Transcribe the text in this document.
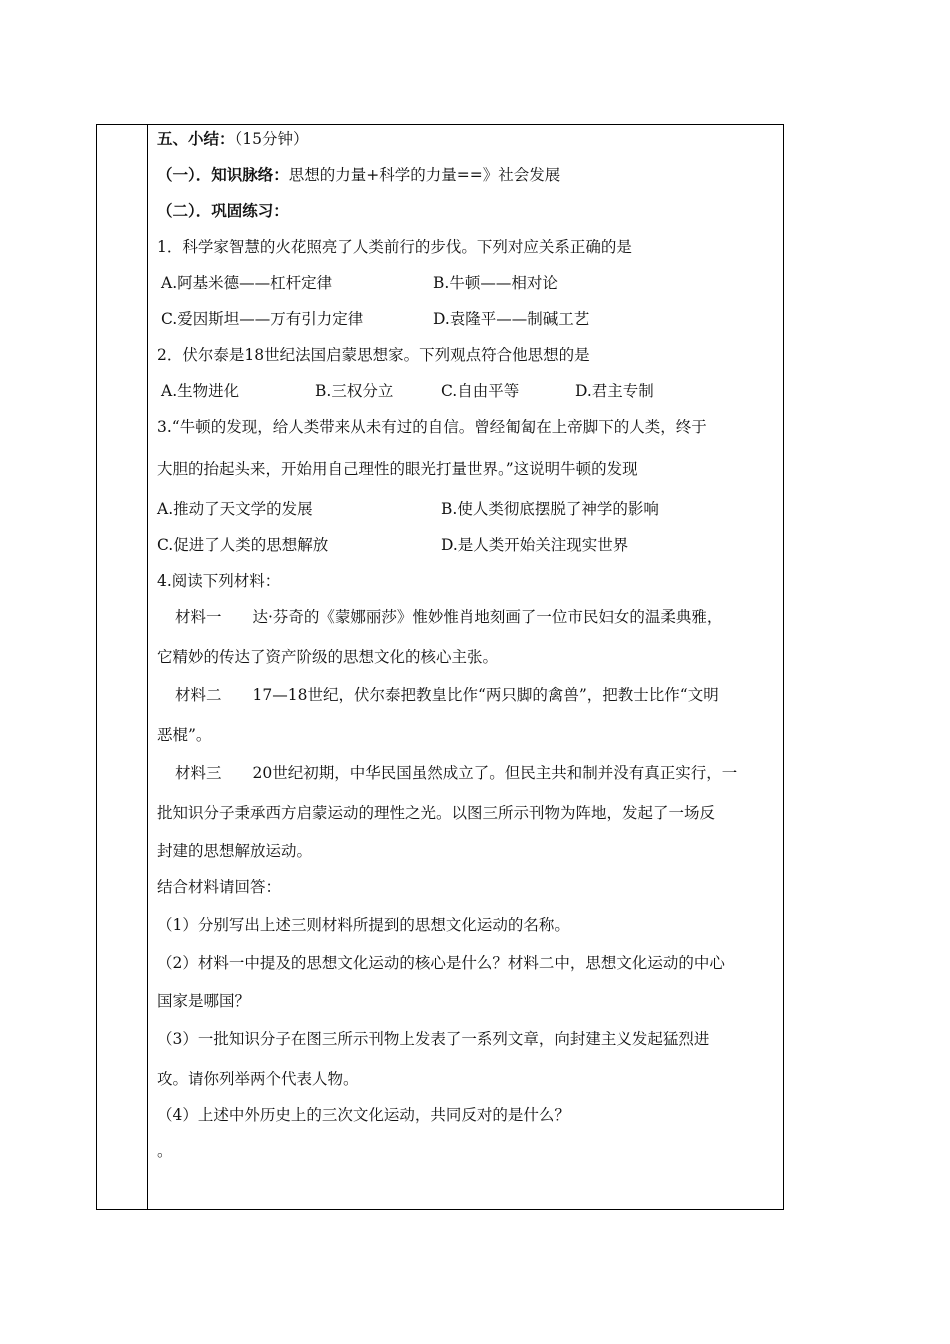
五、小结：（15分钟）
（一）．知识脉络：思想的力量+科学的力量==》社会发展
（二）．巩固练习：
1．科学家智慧的火花照亮了人类前行的步伐。下列对应关系正确的是
A.阿基米德——杠杆定律	B.牛顿——相对论
C.爱因斯坦——万有引力定律	D.袁隆平——制碱工艺
2．伏尔泰是18世纪法国启蒙思想家。下列观点符合他思想的是
A.生物进化	B.三权分立	C.自由平等	D.君主专制
3.“牛顿的发现，给人类带来从未有过的自信。曾经匍匐在上帝脚下的人类，终于
大胆的抬起头来，开始用自己理性的眼光打量世界。”这说明牛顿的发现
A.推动了天文学的发展	B.使人类彻底摆脱了神学的影响
C.促进了人类的思想解放	D.是人类开始关注现实世界
4.阅读下列材料：
材料一　　达·芬奇的《蒙娜丽莎》惟妙惟肖地刻画了一位市民妇女的温柔典雅，
它精妙的传达了资产阶级的思想文化的核心主张。
材料二　　17—18世纪，伏尔泰把教皇比作“两只脚的禽兽”，把教士比作“文明
恶棍”。
材料三　　20世纪初期，中华民国虽然成立了。但民主共和制并没有真正实行，一
批知识分子秉承西方启蒙运动的理性之光。以图三所示刊物为阵地，发起了一场反
封建的思想解放运动。
结合材料请回答：
（1）分别写出上述三则材料所提到的思想文化运动的名称。
（2）材料一中提及的思想文化运动的核心是什么？材料二中，思想文化运动的中心
国家是哪国？
（3）一批知识分子在图三所示刊物上发表了一系列文章，向封建主义发起猛烈进
攻。请你列举两个代表人物。
（4）上述中外历史上的三次文化运动，共同反对的是什么？
。
